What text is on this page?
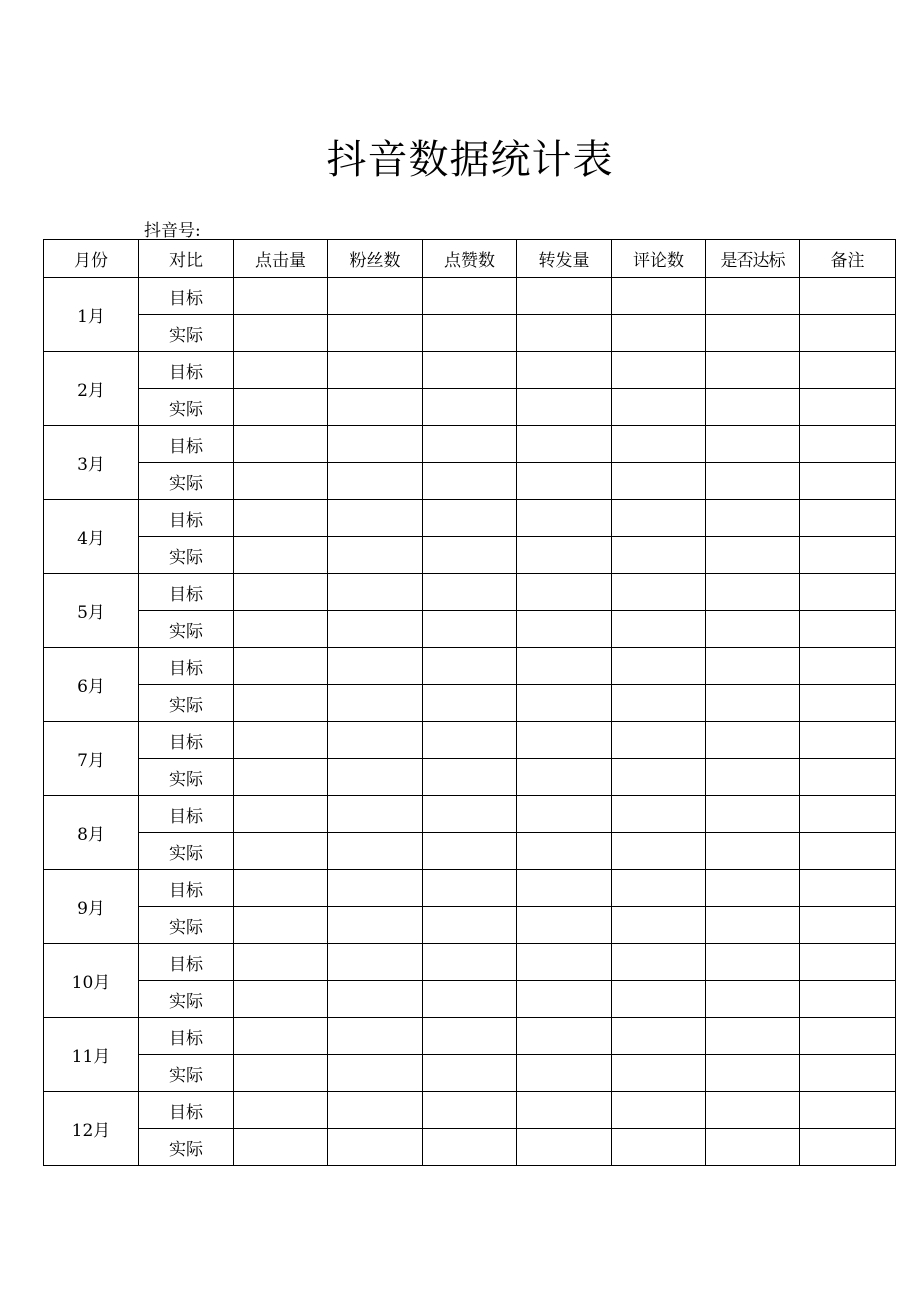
抖音数据统计表
抖音号:
月份	对比	点击量	粉丝数	点赞数	转发量	评论数	是否达标	备注
1月	目标							
	实际							
2月	目标							
	实际							
3月	目标							
	实际							
4月	目标							
	实际							
5月	目标							
	实际							
6月	目标							
	实际							
7月	目标							
	实际							
8月	目标							
	实际							
9月	目标							
	实际							
10月	目标							
	实际							
11月	目标							
	实际							
12月	目标							
	实际							
